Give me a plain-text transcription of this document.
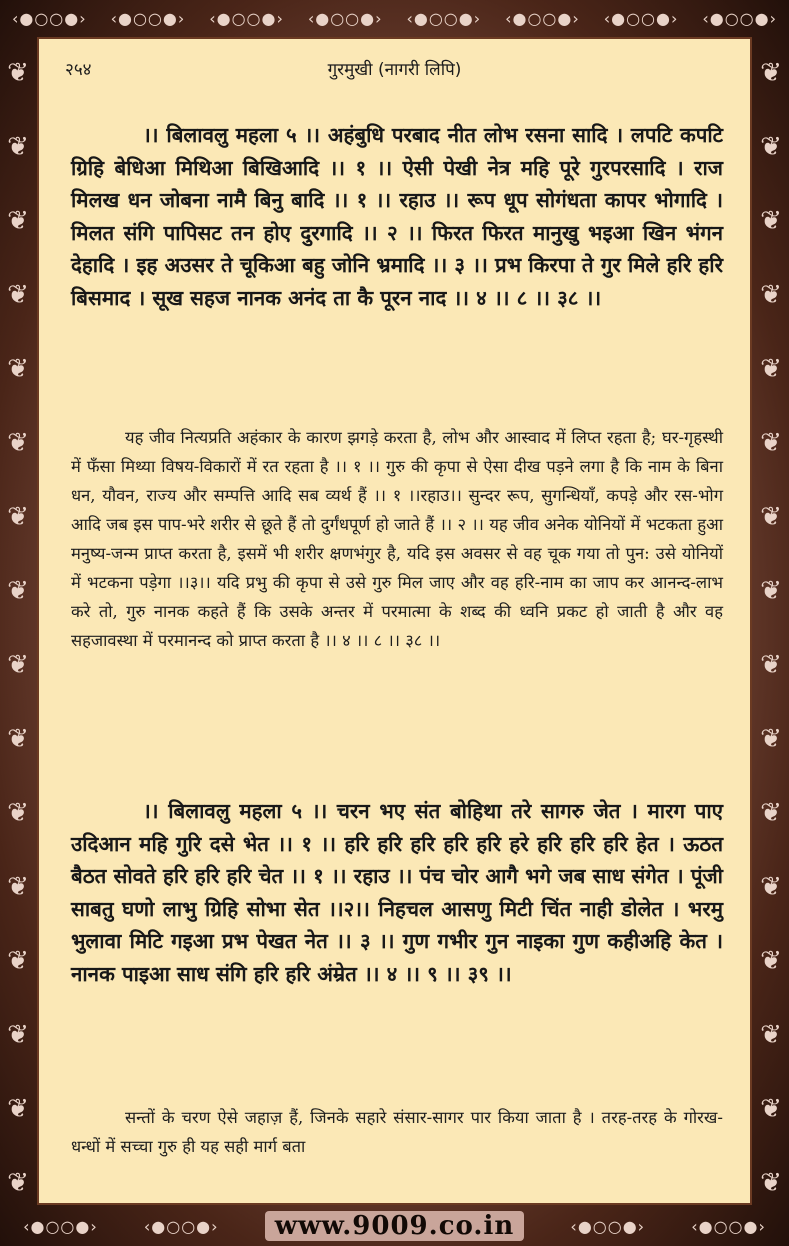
‹●○○●› ‹●○○●› ‹●○○●› ‹●○○●› ‹●○○●› ‹●○○●› ‹●○○●› ‹●○○●›
❦
❦
❦
❦
❦
❦
❦
❦
❦
❦
❦
❦
❦
❦
❦
❦
❦
❦
❦
❦
❦
❦
❦
❦
❦
❦
❦
❦
❦
❦
❦
❦
‹●○○●›	‹●○○●›	www.9009.co.in	‹●○○●›	‹●○○●›
२५४	गुरमुखी (नागरी लिपि)
।। बिलावलु महला ५ ।। अहंबुधि परबाद नीत लोभ रसना सादि । लपटि कपटि ग्रिहि बेधिआ मिथिआ बिखिआदि ।। १ ।। ऐसी पेखी नेत्र महि पूरे गुरपरसादि । राज मिलख धन जोबना नामै बिनु बादि ।। १ ।। रहाउ ।। रूप धूप सोगंधता कापर भोगादि । मिलत संगि पापिसट तन होए दुरगादि ।। २ ।। फिरत फिरत मानुखु भइआ खिन भंगन देहादि । इह अउसर ते चूकिआ बहु जोनि भ्रमादि ।। ३ ।। प्रभ किरपा ते गुर मिले हरि हरि बिसमाद । सूख सहज नानक अनंद ता कै पूरन नाद ।। ४ ।। ८ ।। ३८ ।।
यह जीव नित्यप्रति अहंकार के कारण झगड़े करता है, लोभ और आस्वाद में लिप्त रहता है; घर-गृहस्थी में फँसा मिथ्या विषय-विकारों में रत रहता है ।। १ ।। गुरु की कृपा से ऐसा दीख पड़ने लगा है कि नाम के बिना धन, यौवन, राज्य और सम्पत्ति आदि सब व्यर्थ हैं ।। १ ।।रहाउ।। सुन्दर रूप, सुगन्धियाँ, कपड़े और रस-भोग आदि जब इस पाप-भरे शरीर से छूते हैं तो दुर्गंधपूर्ण हो जाते हैं ।। २ ।। यह जीव अनेक योनियों में भटकता हुआ मनुष्य-जन्म प्राप्त करता है, इसमें भी शरीर क्षणभंगुर है, यदि इस अवसर से वह चूक गया तो पुन: उसे योनियों में भटकना पड़ेगा ।।३।। यदि प्रभु की कृपा से उसे गुरु मिल जाए और वह हरि-नाम का जाप कर आनन्द-लाभ करे तो, गुरु नानक कहते हैं कि उसके अन्तर में परमात्मा के शब्द की ध्वनि प्रकट हो जाती है और वह सहजावस्था में परमानन्द को प्राप्त करता है ।। ४ ।। ८ ।। ३८ ।।
।। बिलावलु महला ५ ।। चरन भए संत बोहिथा तरे सागरु जेत । मारग पाए उदिआन महि गुरि दसे भेत ।। १ ।। हरि हरि हरि हरि हरि हरे हरि हरि हरि हेत । ऊठत बैठत सोवते हरि हरि हरि चेत ।। १ ।। रहाउ ।। पंच चोर आगै भगे जब साध संगेत । पूंजी साबतु घणो लाभु ग्रिहि सोभा सेत ।।२।। निहचल आसणु मिटी चिंत नाही डोलेत । भरमु भुलावा मिटि गइआ प्रभ पेखत नेत ।। ३ ।। गुण गभीर गुन नाइका गुण कहीअहि केत । नानक पाइआ साध संगि हरि हरि अंम्रेत ।। ४ ।। ९ ।। ३९ ।।
सन्तों के चरण ऐसे जहाज़ हैं, जिनके सहारे संसार-सागर पार किया जाता है । तरह-तरह के गोरख-धन्धों में सच्चा गुरु ही यह सही मार्ग बता
